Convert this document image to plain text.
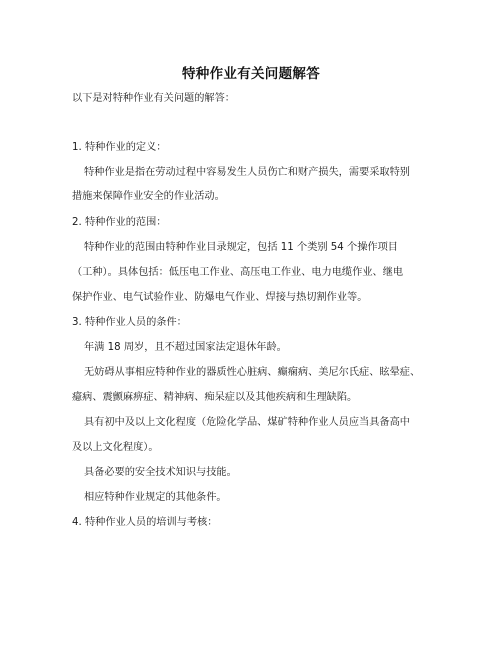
特种作业有关问题解答
以下是对特种作业有关问题的解答：
1. 特种作业的定义：
特种作业是指在劳动过程中容易发生人员伤亡和财产损失，需要采取特别
措施来保障作业安全的作业活动。
2. 特种作业的范围：
特种作业的范围由特种作业目录规定，包括 11 个类别 54 个操作项目
（工种）。具体包括：低压电工作业、高压电工作业、电力电缆作业、继电
保护作业、电气试验作业、防爆电气作业、焊接与热切割作业等。
3. 特种作业人员的条件：
年满 18 周岁，且不超过国家法定退休年龄。
无妨碍从事相应特种作业的器质性心脏病、癫痫病、美尼尔氏症、眩晕症、
癔病、震颤麻痹症、精神病、痴呆症以及其他疾病和生理缺陷。
具有初中及以上文化程度（危险化学品、煤矿特种作业人员应当具备高中
及以上文化程度）。
具备必要的安全技术知识与技能。
相应特种作业规定的其他条件。
4. 特种作业人员的培训与考核：
